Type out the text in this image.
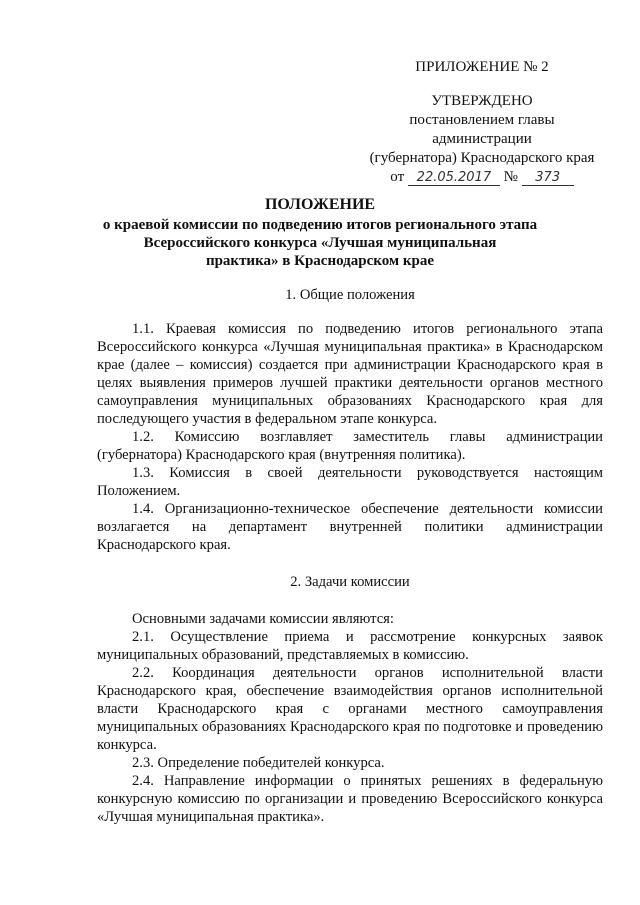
ПРИЛОЖЕНИЕ № 2
УТВЕРЖДЕНО
постановлением главы администрации
(губернатора) Краснодарского края
от 22.05.2017 № 373
ПОЛОЖЕНИЕ
о краевой комиссии по подведению итогов регионального этапа
Всероссийского конкурса «Лучшая муниципальная
практика» в Краснодарском крае

1. Общие положения

1.1. Краевая комиссия по подведению итогов регионального этапа Всероссийского конкурса «Лучшая муниципальная практика» в Краснодарском крае (далее – комиссия) создается при администрации Краснодарского края в целях выявления примеров лучшей практики деятельности органов местного самоуправления муниципальных образованиях Краснодарского края для последующего участия в федеральном этапе конкурса.

1.2. Комиссию возглавляет заместитель главы администрации (губернатора) Краснодарского края (внутренняя политика).

1.3. Комиссия в своей деятельности руководствуется настоящим Положением.

1.4. Организационно-техническое обеспечение деятельности комиссии возлагается на департамент внутренней политики администрации Краснодарского края.

2. Задачи комиссии

Основными задачами комиссии являются:

2.1. Осуществление приема и рассмотрение конкурсных заявок муниципальных образований, представляемых в комиссию.

2.2. Координация деятельности органов исполнительной власти Краснодарского края, обеспечение взаимодействия органов исполнительной власти Краснодарского края с органами местного самоуправления муниципальных образованиях Краснодарского края по подготовке и проведению конкурса.

2.3. Определение победителей конкурса.

2.4. Направление информации о принятых решениях в федеральную конкурсную комиссию по организации и проведению Всероссийского конкурса «Лучшая муниципальная практика».
